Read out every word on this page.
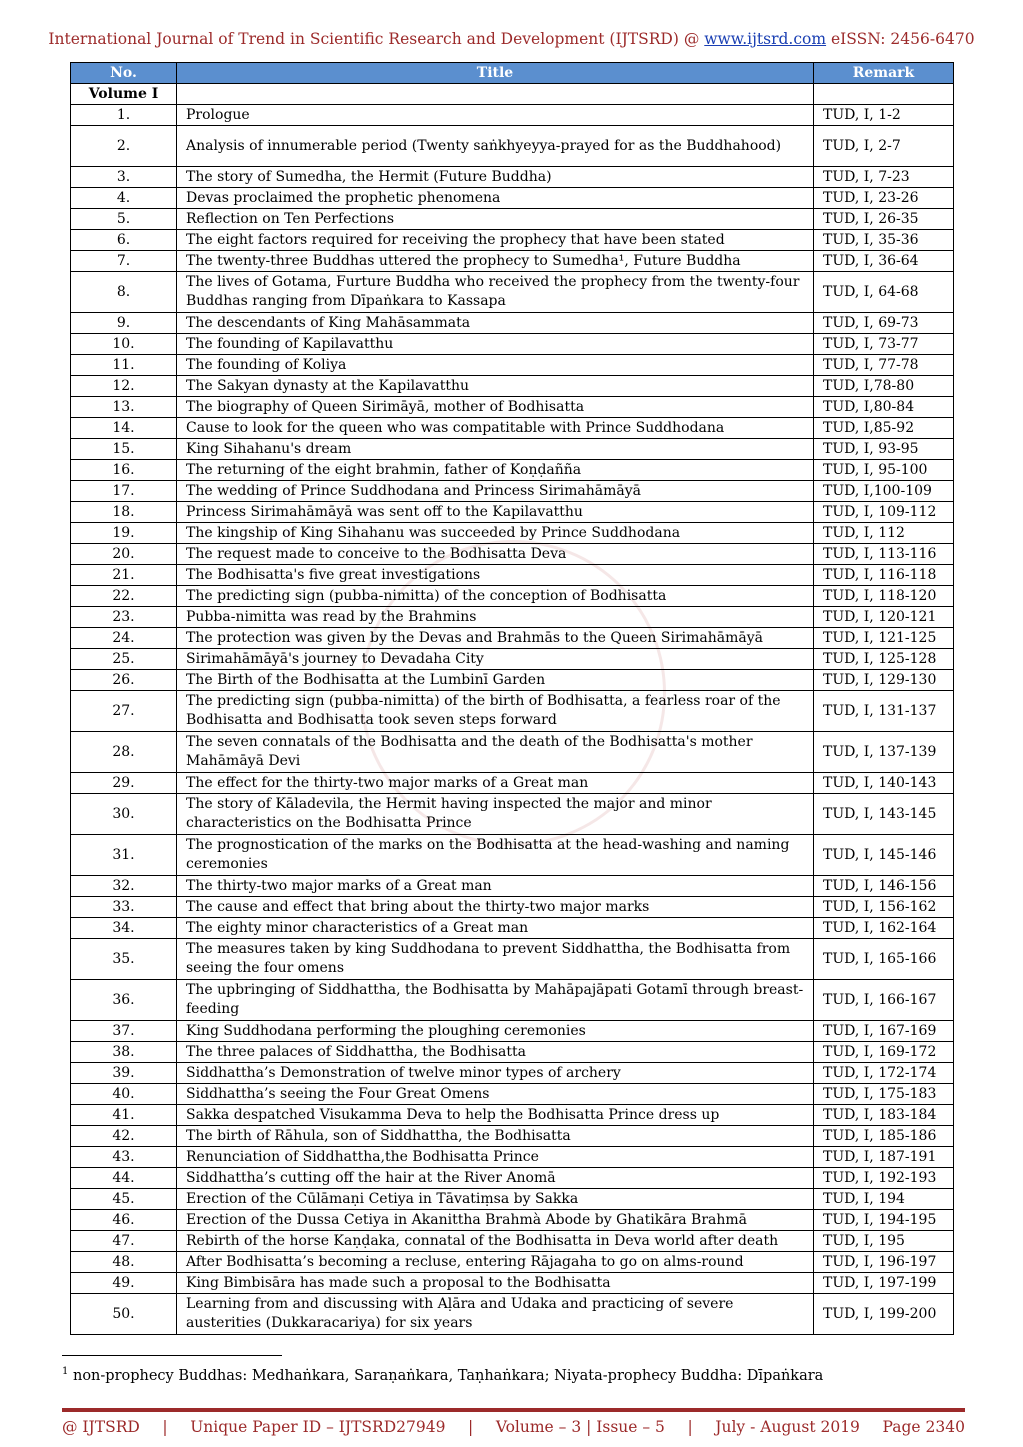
International Journal of Trend in Scientific Research and Development (IJTSRD) @ www.ijtsrd.com eISSN: 2456-6470
No.	Title	Remark
Volume I		
1.	Prologue	TUD, I, 1-2
2.	Analysis of innumerable period (Twenty saṅkhyeyya-prayed for as the Buddhahood)	TUD, I, 2-7
3.	The story of Sumedha, the Hermit (Future Buddha)	TUD, I, 7-23
4.	Devas proclaimed the prophetic phenomena	TUD, I, 23-26
5.	Reflection on Ten Perfections	TUD, I, 26-35
6.	The eight factors required for receiving the prophecy that have been stated	TUD, I, 35-36
7.	The twenty-three Buddhas uttered the prophecy to Sumedha¹, Future Buddha	TUD, I, 36-64
8.	The lives of Gotama, Furture Buddha who received the prophecy from the twenty-four Buddhas ranging from Dīpaṅkara to Kassapa	TUD, I, 64-68
9.	The descendants of King Mahāsammata	TUD, I, 69-73
10.	The founding of Kapilavatthu	TUD, I, 73-77
11.	The founding of Koliya	TUD, I, 77-78
12.	The Sakyan dynasty at the Kapilavatthu	TUD, I,78-80
13.	The biography of Queen Sirimāyā, mother of Bodhisatta	TUD, I,80-84
14.	Cause to look for the queen who was compatitable with Prince Suddhodana	TUD, I,85-92
15.	King Sihahanu's dream	TUD, I, 93-95
16.	The returning of the eight brahmin, father of Koṇḍañña	TUD, I, 95-100
17.	The wedding of Prince Suddhodana and Princess Sirimahāmāyā	TUD, I,100-109
18.	Princess Sirimahāmāyā was sent off to the Kapilavatthu	TUD, I, 109-112
19.	The kingship of King Sihahanu was succeeded by Prince Suddhodana	TUD, I, 112
20.	The request made to conceive to the Bodhisatta Deva	TUD, I, 113-116
21.	The Bodhisatta's five great investigations	TUD, I, 116-118
22.	The predicting sign (pubba-nimitta) of the conception of Bodhisatta	TUD, I, 118-120
23.	Pubba-nimitta was read by the Brahmins	TUD, I, 120-121
24.	The protection was given by the Devas and Brahmās to the Queen Sirimahāmāyā	TUD, I, 121-125
25.	Sirimahāmāyā's journey to Devadaha City	TUD, I, 125-128
26.	The Birth of the Bodhisatta at the Lumbinī Garden	TUD, I, 129-130
27.	The predicting sign (pubba-nimitta) of the birth of Bodhisatta, a fearless roar of the Bodhisatta and Bodhisatta took seven steps forward	TUD, I, 131-137
28.	The seven connatals of the Bodhisatta and the death of the Bodhisatta's mother Mahāmāyā Devi	TUD, I, 137-139
29.	The effect for the thirty-two major marks of a Great man	TUD, I, 140-143
30.	The story of Kāladevila, the Hermit having inspected the major and minor characteristics on the Bodhisatta Prince	TUD, I, 143-145
31.	The prognostication of the marks on the Bodhisatta at the head-washing and naming ceremonies	TUD, I, 145-146
32.	The thirty-two major marks of a Great man	TUD, I, 146-156
33.	The cause and effect that bring about the thirty-two major marks	TUD, I, 156-162
34.	The eighty minor characteristics of a Great man	TUD, I, 162-164
35.	The measures taken by king Suddhodana to prevent Siddhattha, the Bodhisatta from seeing the four omens	TUD, I, 165-166
36.	The upbringing of Siddhattha, the Bodhisatta by Mahāpajāpati Gotamī through breast-feeding	TUD, I, 166-167
37.	King Suddhodana performing the ploughing ceremonies	TUD, I, 167-169
38.	The three palaces of Siddhattha, the Bodhisatta	TUD, I, 169-172
39.	Siddhattha’s Demonstration of twelve minor types of archery	TUD, I, 172-174
40.	Siddhattha’s seeing the Four Great Omens	TUD, I, 175-183
41.	Sakka despatched Visukamma Deva to help the Bodhisatta Prince dress up	TUD, I, 183-184
42.	The birth of Rāhula, son of Siddhattha, the Bodhisatta	TUD, I, 185-186
43.	Renunciation of Siddhattha,the Bodhisatta Prince	TUD, I, 187-191
44.	Siddhattha’s cutting off the hair at the River Anomā	TUD, I, 192-193
45.	Erection of the Cūlāmaṇi Cetiya in Tāvatiṃsa by Sakka	TUD, I, 194
46.	Erection of the Dussa Cetiya in Akanittha Brahmà Abode by Ghatikāra Brahmā	TUD, I, 194-195
47.	Rebirth of the horse Kaṇḍaka, connatal of the Bodhisatta in Deva world after death	TUD, I, 195
48.	After Bodhisatta’s becoming a recluse, entering Rājagaha to go on alms-round	TUD, I, 196-197
49.	King Bimbisāra has made such a proposal to the Bodhisatta	TUD, I, 197-199
50.	Learning from and discussing with Aḷāra and Udaka and practicing of severe austerities (Dukkaracariya) for six years	TUD, I, 199-200
$^1$ non-prophecy Buddhas: Medhaṅkara, Saraṇaṅkara, Taṇhaṅkara; Niyata-prophecy Buddha: Dīpaṅkara
@ IJTSRD | Unique Paper ID – IJTSRD27949 | Volume – 3 | Issue – 5 | July - August 2019 Page 2340
